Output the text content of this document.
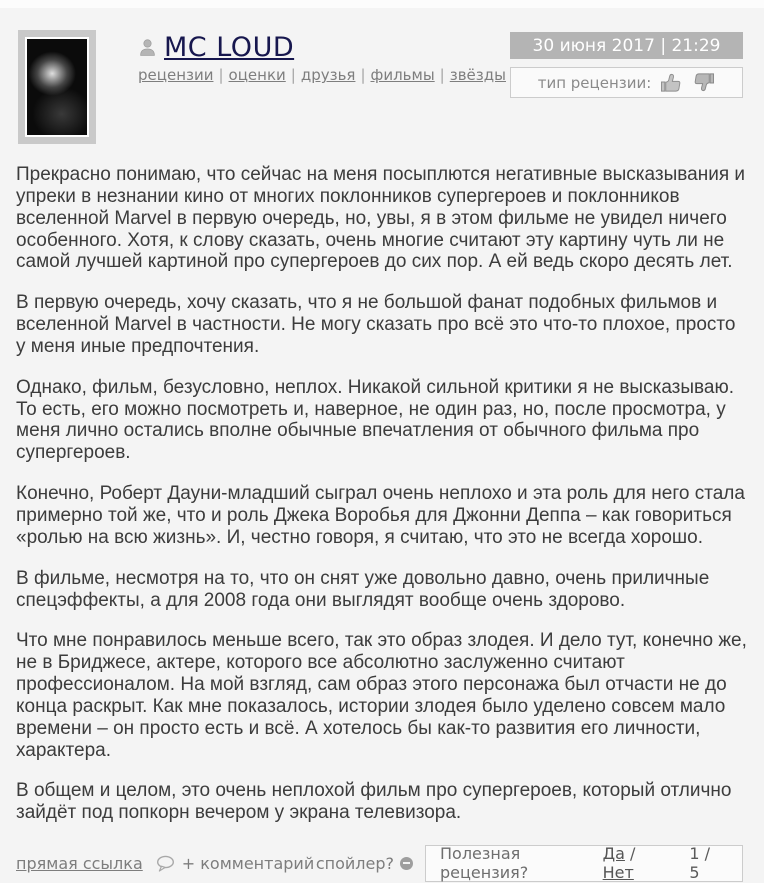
MC LOUD
рецензии | оценки | друзья | фильмы | звёзды
30 июня 2017 | 21:29
тип рецензии:

Прекрасно понимаю, что сейчас на меня посыплются негативные высказывания и упреки в незнании кино от многих поклонников супергероев и поклонников вселенной Marvel в первую очередь, но, увы, я в этом фильме не увидел ничего особенного. Хотя, к слову сказать, очень многие считают эту картину чуть ли не самой лучшей картиной про супергероев до сих пор. А ей ведь скоро десять лет.

В первую очередь, хочу сказать, что я не большой фанат подобных фильмов и вселенной Marvel в частности. Не могу сказать про всё это что-то плохое, просто у меня иные предпочтения.

Однако, фильм, безусловно, неплох. Никакой сильной критики я не высказываю. То есть, его можно посмотреть и, наверное, не один раз, но, после просмотра, у меня лично остались вполне обычные впечатления от обычного фильма про супергероев.

Конечно, Роберт Дауни-младший сыграл очень неплохо и эта роль для него стала примерно той же, что и роль Джека Воробья для Джонни Деппа – как говориться «ролью на всю жизнь». И, честно говоря, я считаю, что это не всегда хорошо.

В фильме, несмотря на то, что он снят уже довольно давно, очень приличные спецэффекты, а для 2008 года они выглядят вообще очень здорово.

Что мне понравилось меньше всего, так это образ злодея. И дело тут, конечно же, не в Бриджесе, актере, которого все абсолютно заслуженно считают профессионалом. На мой взгляд, сам образ этого персонажа был отчасти не до конца раскрыт. Как мне показалось, истории злодея было уделено совсем мало времени – он просто есть и всё. А хотелось бы как-то развития его личности, характера.

В общем и целом, это очень неплохой фильм про супергероев, который отлично зайдёт под попкорн вечером у экрана телевизора.

прямая ссылка + комментарий спойлер?	Полезная рецензия?
Да / Нет
1 / 5
